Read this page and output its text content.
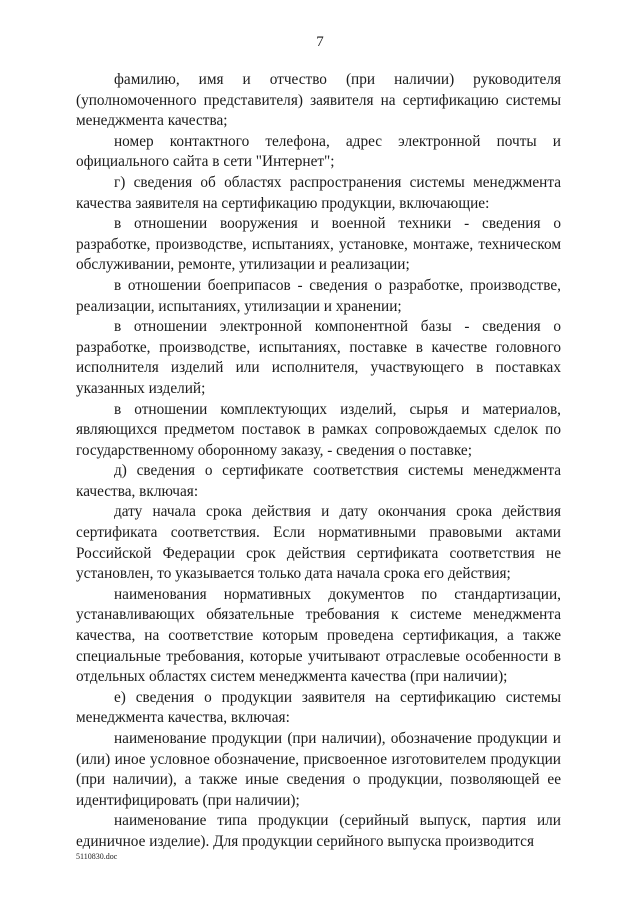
7

фамилию, имя и отчество (при наличии) руководителя (уполномоченного представителя) заявителя на сертификацию системы менеджмента качества;

номер контактного телефона, адрес электронной почты и официального сайта в сети "Интернет";

г) сведения об областях распространения системы менеджмента качества заявителя на сертификацию продукции, включающие:

в отношении вооружения и военной техники - сведения о разработке, производстве, испытаниях, установке, монтаже, техническом обслуживании, ремонте, утилизации и реализации;

в отношении боеприпасов - сведения о разработке, производстве, реализации, испытаниях, утилизации и хранении;

в отношении электронной компонентной базы - сведения о разработке, производстве, испытаниях, поставке в качестве головного исполнителя изделий или исполнителя, участвующего в поставках указанных изделий;

в отношении комплектующих изделий, сырья и материалов, являющихся предметом поставок в рамках сопровождаемых сделок по государственному оборонному заказу, - сведения о поставке;

д) сведения о сертификате соответствия системы менеджмента качества, включая:

дату начала срока действия и дату окончания срока действия сертификата соответствия. Если нормативными правовыми актами Российской Федерации срок действия сертификата соответствия не установлен, то указывается только дата начала срока его действия;

наименования нормативных документов по стандартизации, устанавливающих обязательные требования к системе менеджмента качества, на соответствие которым проведена сертификация, а также специальные требования, которые учитывают отраслевые особенности в отдельных областях систем менеджмента качества (при наличии);

е) сведения о продукции заявителя на сертификацию системы менеджмента качества, включая:

наименование продукции (при наличии), обозначение продукции и (или) иное условное обозначение, присвоенное изготовителем продукции (при наличии), а также иные сведения о продукции, позволяющей ее идентифицировать (при наличии);

наименование типа продукции (серийный выпуск, партия или единичное изделие). Для продукции серийного выпуска производится

5110830.doc
